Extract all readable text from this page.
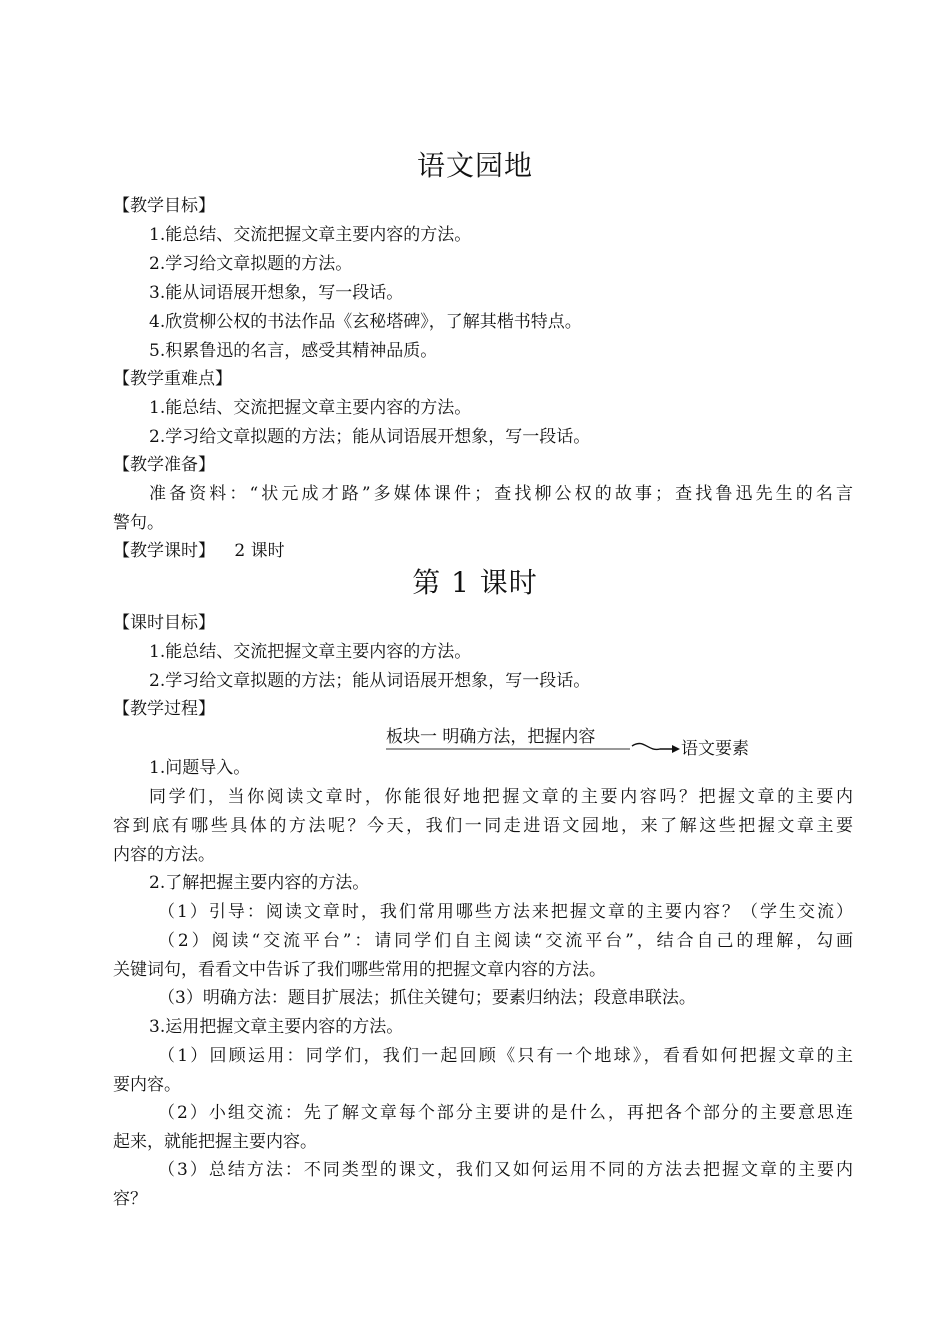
语文园地
【教学目标】
1.能总结、交流把握文章主要内容的方法。
2.学习给文章拟题的方法。
3.能从词语展开想象，写一段话。
4.欣赏柳公权的书法作品《玄秘塔碑》，了解其楷书特点。
5.积累鲁迅的名言，感受其精神品质。
【教学重难点】
1.能总结、交流把握文章主要内容的方法。
2.学习给文章拟题的方法；能从词语展开想象，写一段话。
【教学准备】
准备资料：“状元成才路”多媒体课件；查找柳公权的故事；查找鲁迅先生的名言
警句。
【教学课时】 2 课时
第 1 课时
【课时目标】
1.能总结、交流把握文章主要内容的方法。
2.学习给文章拟题的方法；能从词语展开想象，写一段话。
【教学过程】
板块一 明确方法，把握内容
语文要素
1.问题导入。
同学们，当你阅读文章时，你能很好地把握文章的主要内容吗？把握文章的主要内
容到底有哪些具体的方法呢？今天，我们一同走进语文园地，来了解这些把握文章主要
内容的方法。
2.了解把握主要内容的方法。
（1）引导：阅读文章时，我们常用哪些方法来把握文章的主要内容？（学生交流）
（2）阅读“交流平台”：请同学们自主阅读“交流平台”，结合自己的理解，勾画
关键词句，看看文中告诉了我们哪些常用的把握文章内容的方法。
（3）明确方法：题目扩展法；抓住关键句；要素归纳法；段意串联法。
3.运用把握文章主要内容的方法。
（1）回顾运用：同学们，我们一起回顾《只有一个地球》，看看如何把握文章的主
要内容。
（2）小组交流：先了解文章每个部分主要讲的是什么，再把各个部分的主要意思连
起来，就能把握主要内容。
（3）总结方法：不同类型的课文，我们又如何运用不同的方法去把握文章的主要内
容？
